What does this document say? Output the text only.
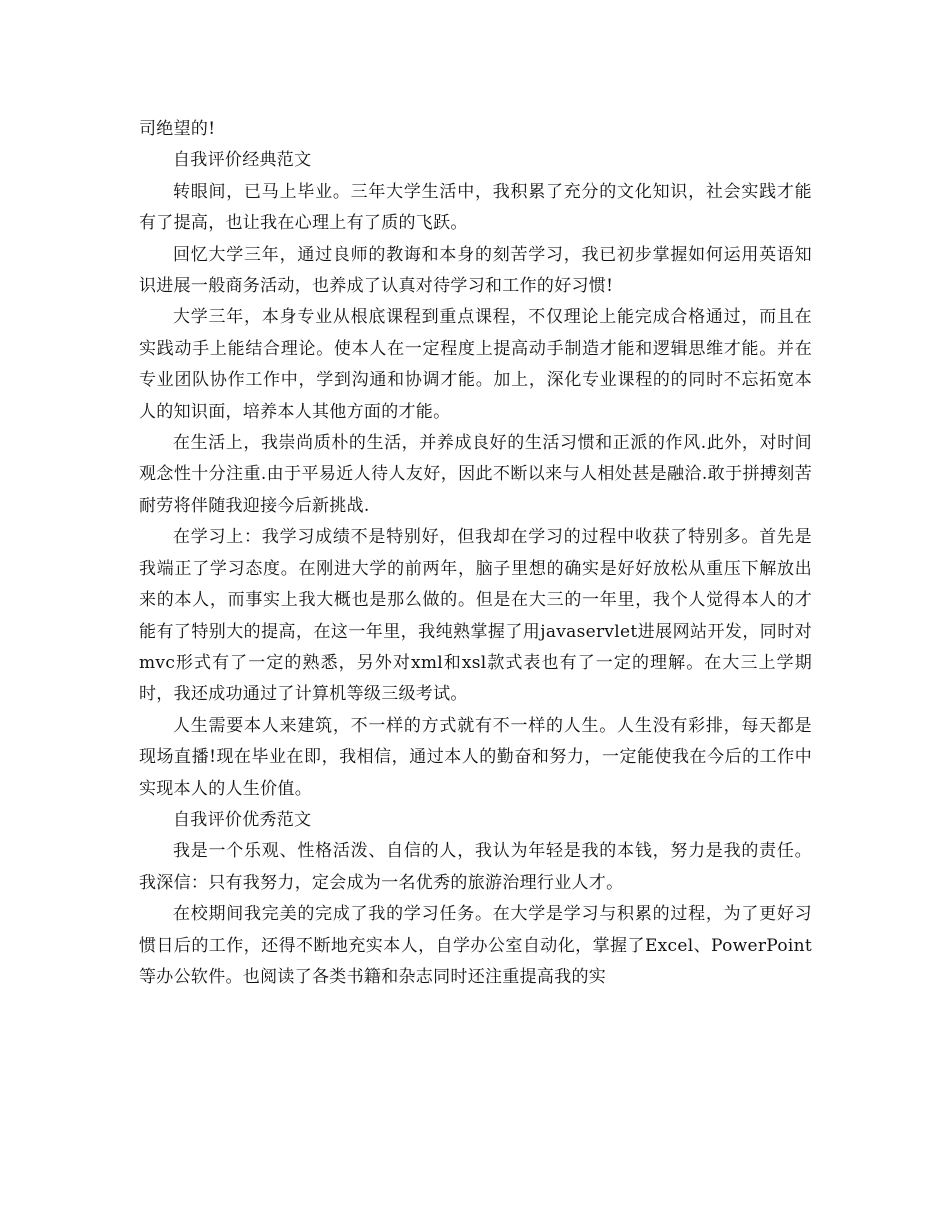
司绝望的!

自我评价经典范文

转眼间，已马上毕业。三年大学生活中，我积累了充分的文化知识，社会实践才能有了提高，也让我在心理上有了质的飞跃。

回忆大学三年，通过良师的教诲和本身的刻苦学习，我已初步掌握如何运用英语知识进展一般商务活动，也养成了认真对待学习和工作的好习惯!

大学三年，本身专业从根底课程到重点课程，不仅理论上能完成合格通过，而且在实践动手上能结合理论。使本人在一定程度上提高动手制造才能和逻辑思维才能。并在专业团队协作工作中，学到沟通和协调才能。加上，深化专业课程的的同时不忘拓宽本人的知识面，培养本人其他方面的才能。

在生活上，我崇尚质朴的生活，并养成良好的生活习惯和正派的作风.此外，对时间观念性十分注重.由于平易近人待人友好，因此不断以来与人相处甚是融洽.敢于拼搏刻苦耐劳将伴随我迎接今后新挑战.

在学习上：我学习成绩不是特别好，但我却在学习的过程中收获了特别多。首先是我端正了学习态度。在刚进大学的前两年，脑子里想的确实是好好放松从重压下解放出来的本人，而事实上我大概也是那么做的。但是在大三的一年里，我个人觉得本人的才能有了特别大的提高，在这一年里，我纯熟掌握了用javaservlet进展网站开发，同时对mvc形式有了一定的熟悉，另外对xml和xsl款式表也有了一定的理解。在大三上学期时，我还成功通过了计算机等级三级考试。

人生需要本人来建筑，不一样的方式就有不一样的人生。人生没有彩排，每天都是现场直播!现在毕业在即，我相信，通过本人的勤奋和努力，一定能使我在今后的工作中实现本人的人生价值。

自我评价优秀范文

我是一个乐观、性格活泼、自信的人，我认为年轻是我的本钱，努力是我的责任。我深信：只有我努力，定会成为一名优秀的旅游治理行业人才。

在校期间我完美的完成了我的学习任务。在大学是学习与积累的过程，为了更好习惯日后的工作，还得不断地充实本人，自学办公室自动化，掌握了Excel、PowerPoint等办公软件。也阅读了各类书籍和杂志同时还注重提高我的实
